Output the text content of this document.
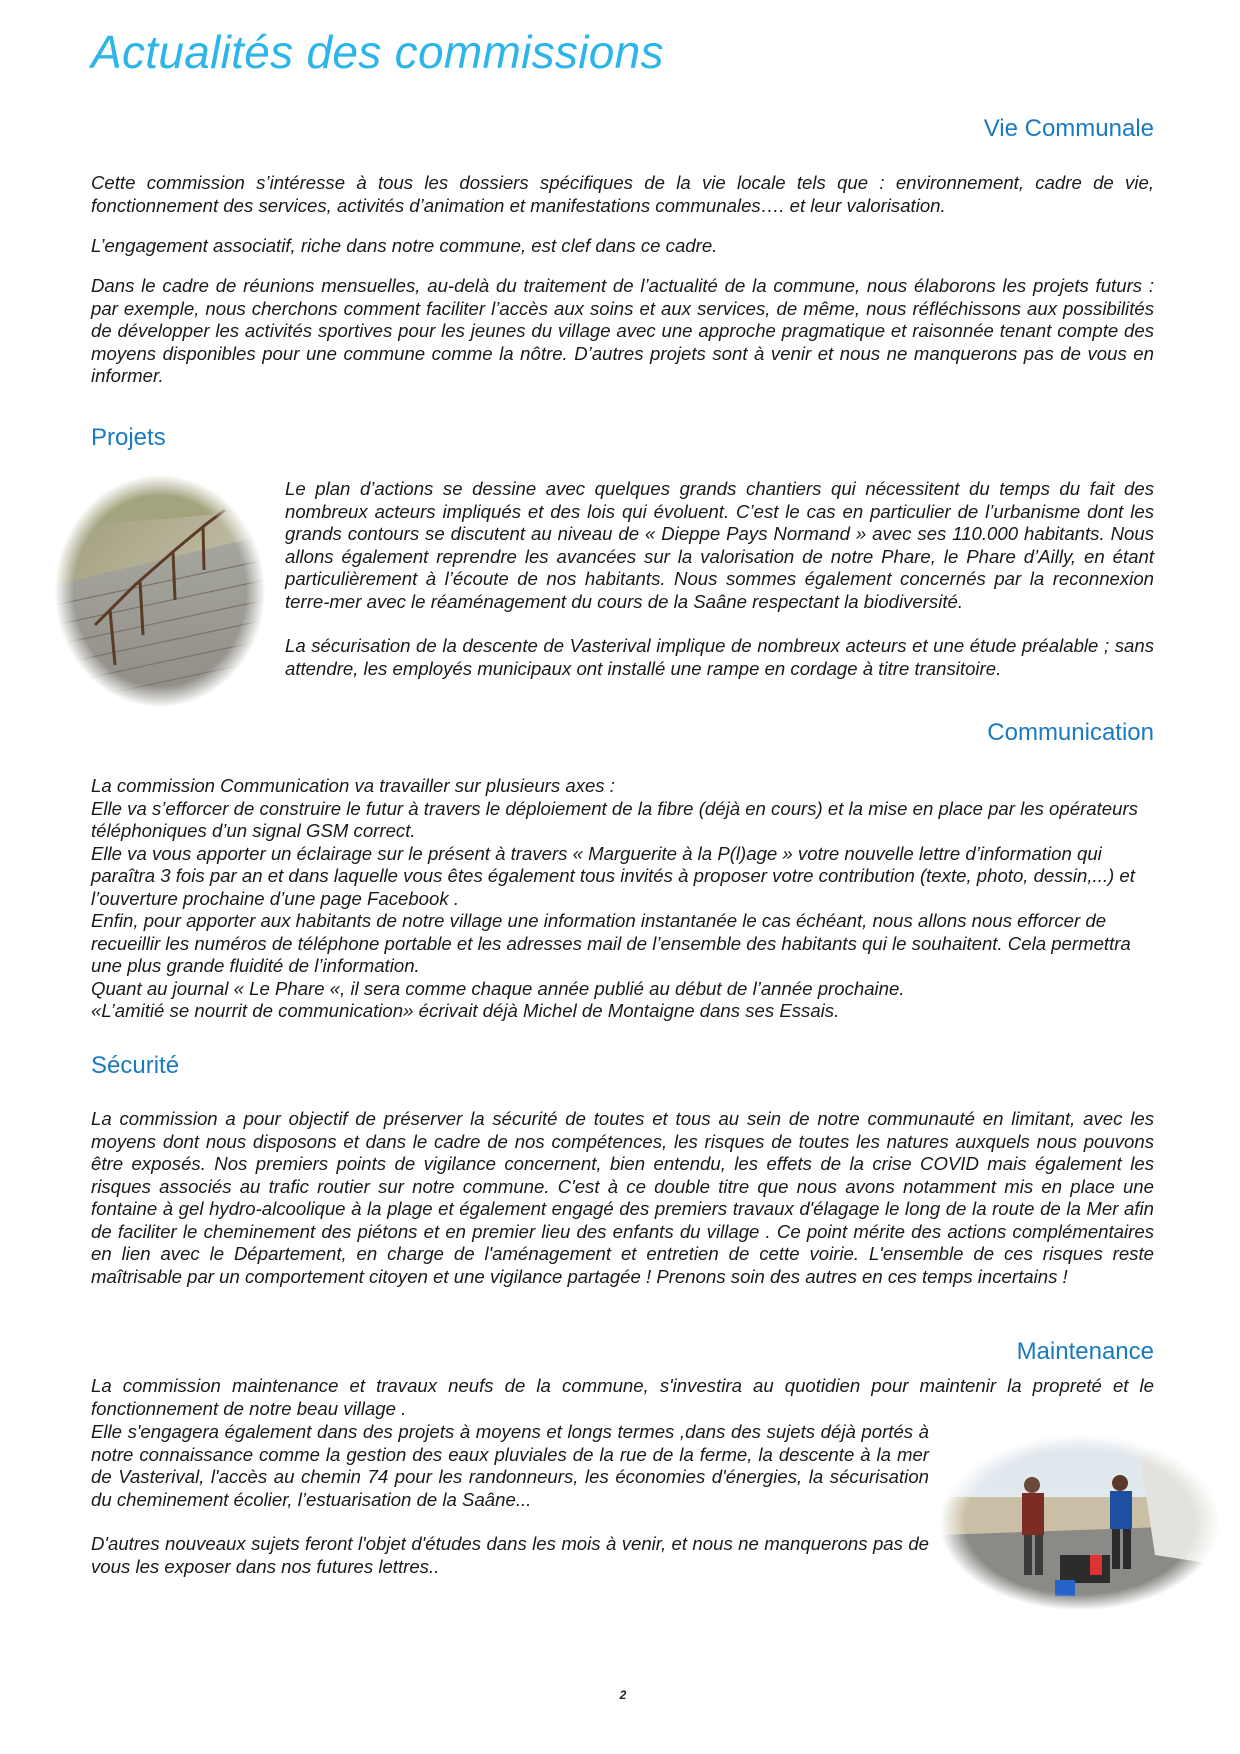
Actualités des commissions
Vie Communale

Cette commission s’intéresse à tous les dossiers spécifiques de la vie locale tels que : environnement, cadre de vie, fonctionnement des services, activités d’animation et manifestations communales…. et leur valorisation.

L’engagement associatif, riche dans notre commune, est clef dans ce cadre.

Dans le cadre de réunions mensuelles, au-delà du traitement de l’actualité de la commune, nous élaborons les projets futurs : par exemple, nous cherchons comment faciliter l’accès aux soins et aux services, de même, nous réfléchissons aux possibilités de développer les activités sportives pour les jeunes du village avec une approche pragmatique et raisonnée tenant compte des moyens disponibles pour une commune comme la nôtre. D’autres projets sont à venir et nous ne manquerons pas de vous en informer.

Projets

Le plan d’actions se dessine avec quelques grands chantiers qui nécessitent du temps du fait des nombreux acteurs impliqués et des lois qui évoluent. C’est le cas en particulier de l’urbanisme dont les grands contours se discutent au niveau de « Dieppe Pays Normand » avec ses 110.000 habitants. Nous allons également reprendre les avancées sur la valorisation de notre Phare, le Phare d’Ailly, en étant particulièrement à l’écoute de nos habitants. Nous sommes également concernés par la reconnexion terre-mer avec le réaménagement du cours de la Saâne respectant la biodiversité.

La sécurisation de la descente de Vasterival implique de nombreux acteurs et une étude préalable ; sans attendre, les employés municipaux ont installé une rampe en cordage à titre transitoire.

Communication
La commission Communication va travailler sur plusieurs axes :
Elle va s’efforcer de construire le futur à travers le déploiement de la fibre (déjà en cours) et la mise en place par les opérateurs téléphoniques d’un signal GSM correct.
Elle va vous apporter un éclairage sur le présent à travers « Marguerite à la P(l)age » votre nouvelle lettre d’information qui paraîtra 3 fois par an et dans laquelle vous êtes également tous invités à proposer votre contribution (texte, photo, dessin,...) et l’ouverture prochaine d’une page Facebook .
Enfin, pour apporter aux habitants de notre village une information instantanée le cas échéant, nous allons nous efforcer de recueillir les numéros de téléphone portable et les adresses mail de l’ensemble des habitants qui le souhaitent. Cela permettra une plus grande fluidité de l’information.
Quant au journal « Le Phare «, il sera comme chaque année publié au début de l’année prochaine.
«L’amitié se nourrit de communication» écrivait déjà Michel de Montaigne dans ses Essais.
Sécurité

La commission a pour objectif de préserver la sécurité de toutes et tous au sein de notre communauté en limitant, avec les moyens dont nous disposons et dans le cadre de nos compétences, les risques de toutes les natures auxquels nous pouvons être exposés. Nos premiers points de vigilance concernent, bien entendu, les effets de la crise COVID mais également les risques associés au trafic routier sur notre commune. C'est à ce double titre que nous avons notamment mis en place une fontaine à gel hydro-alcoolique à la plage et également engagé des premiers travaux d'élagage le long de la route de la Mer afin de faciliter le cheminement des piétons et en premier lieu des enfants du village . Ce point mérite des actions complémentaires en lien avec le Département, en charge de l'aménagement et entretien de cette voirie. L'ensemble de ces risques reste maîtrisable par un comportement citoyen et une vigilance partagée ! Prenons soin des autres en ces temps incertains !

Maintenance

La commission maintenance et travaux neufs de la commune, s'investira au quotidien pour maintenir la propreté et le fonctionnement de notre beau village .

Elle s'engagera également dans des projets à moyens et longs termes ,dans des sujets déjà portés à notre connaissance comme la gestion des eaux pluviales de la rue de la ferme, la descente à la mer de Vasterival, l'accès au chemin 74 pour les randonneurs, les économies d'énergies, la sécurisation du cheminement écolier, l’estuarisation de la Saâne...

D'autres nouveaux sujets feront l'objet d'études dans les mois à venir, et nous ne manquerons pas de vous les exposer dans nos futures lettres..

2
